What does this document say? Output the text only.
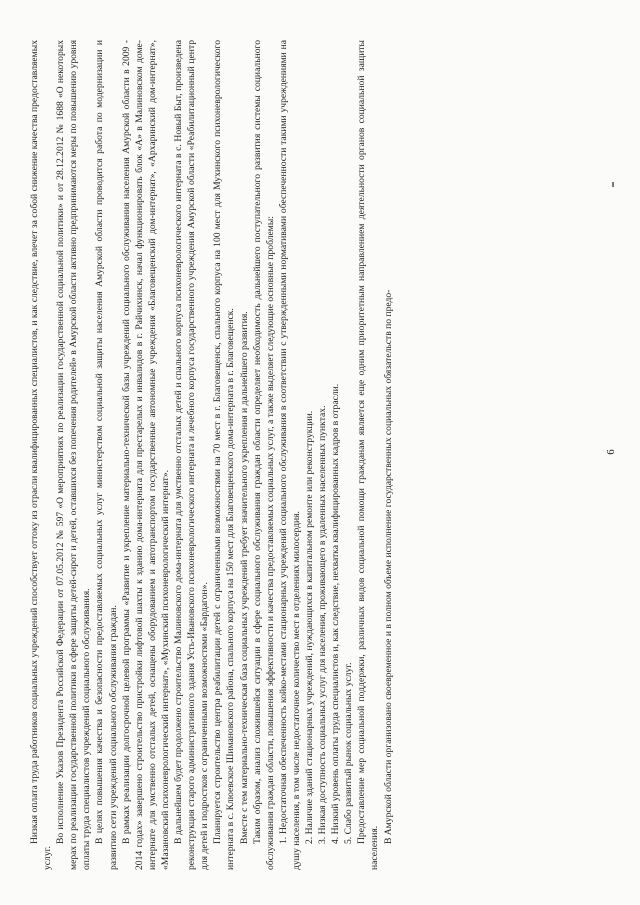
6

Низкая оплата труда работников социальных учреждений способствует оттоку из отрасли квалифицированных специалистов, и как следствие, влечет за собой снижение качества предоставляемых услуг.

Во исполнение Указов Президента Российской Федерации от 07.05.2012 № 597 «О мероприятиях по реализации государственной социальной политики» и от 28.12.2012 № 1688 «О некоторых мерах по реализации государственной политики в сфере защиты детей-сирот и детей, оставшихся без попечения родителей» в Амурской области активно предпринимаются меры по повышению уровня оплаты труда специалистов учреждений социального обслуживания. В целях повышения качества и безопасности предоставляемых социальных услуг министерством социальной защиты населения Амурской области проводится работа по модернизации и развитию сети учреждений социального обслуживания граждан. В рамках реализации долгосрочной целевой программы «Развитие и укрепление материально-технической базы учреждений социального обслуживания населения Амурской области в 2009 - 2014 годах» завершено строительство пристройки лифтовой шахты к зданию дома-интерната для престарелых и инвалидов в г. Райчихинск, начал функционировать блок «А» в Малиновском доме-интернате для умственно отсталых детей, оснащены оборудованием и автотранспортом государственные автономные учреждения «Благовещенский дом-интернат», «Архаринский дом-интернат», «Мазановский психоневрологический интернат», «Мухинский психоневрологический интернат». В дальнейшем будет продолжено строительство Малиновского дома-интерната для умственно отсталых детей и спального корпуса психоневрологического интерната в с. Новый Быт, произведена реконструкция старого административного здания Усть-Ивановского психоневрологического интерната и лечебного корпуса государственного учреждения Амурской области «Реабилитационный центр для детей и подростков с ограниченными возможностями «Бардагон». Планируется строительство центра реабилитации детей с ограниченными возможностями на 70 мест в г. Благовещенск, спального корпуса на 100 мест для Мухинского психоневрологического интерната в с. Клюевское Шимановского района, спального корпуса на 150 мест для Благовещенского дома-интерната в г. Благовещенск. Вместе с тем материально-техническая база социальных учреждений требует значительного укрепления и дальнейшего развития. Таким образом, анализ сложившейся ситуации в сфере социального обслуживания граждан области определяет необходимость дальнейшего поступательного развития системы социального обслуживания граждан области, повышения эффективности и качества предоставляемых социальных услуг, а также выделяет следующие основные проблемы: 1. Недостаточная обеспеченность койко-местами стационарных учреждений социального обслуживания в соответствии с утвержденными нормативами обеспеченности такими учреждениями на душу населения, в том числе недостаточное количество мест в отделениях милосердия. 2. Наличие зданий стационарных учреждений, нуждающихся в капитальном ремонте или реконструкции. 3. Низкая доступность социальных услуг для населения, проживающего в удаленных населенных пунктах. 4. Низкий уровень оплаты труда специалистов и, как следствие, нехватка квалифицированных кадров в отрасли. 5. Слабо развитый рынок социальных услуг. Предоставление мер социальной поддержки, различных видов социальной помощи гражданам является еще одним приоритетным направлением деятельности органов социальной защиты населения.

В Амурской области организовано своевременное и в полном объеме исполнение государственных социальных обязательств по предо-
